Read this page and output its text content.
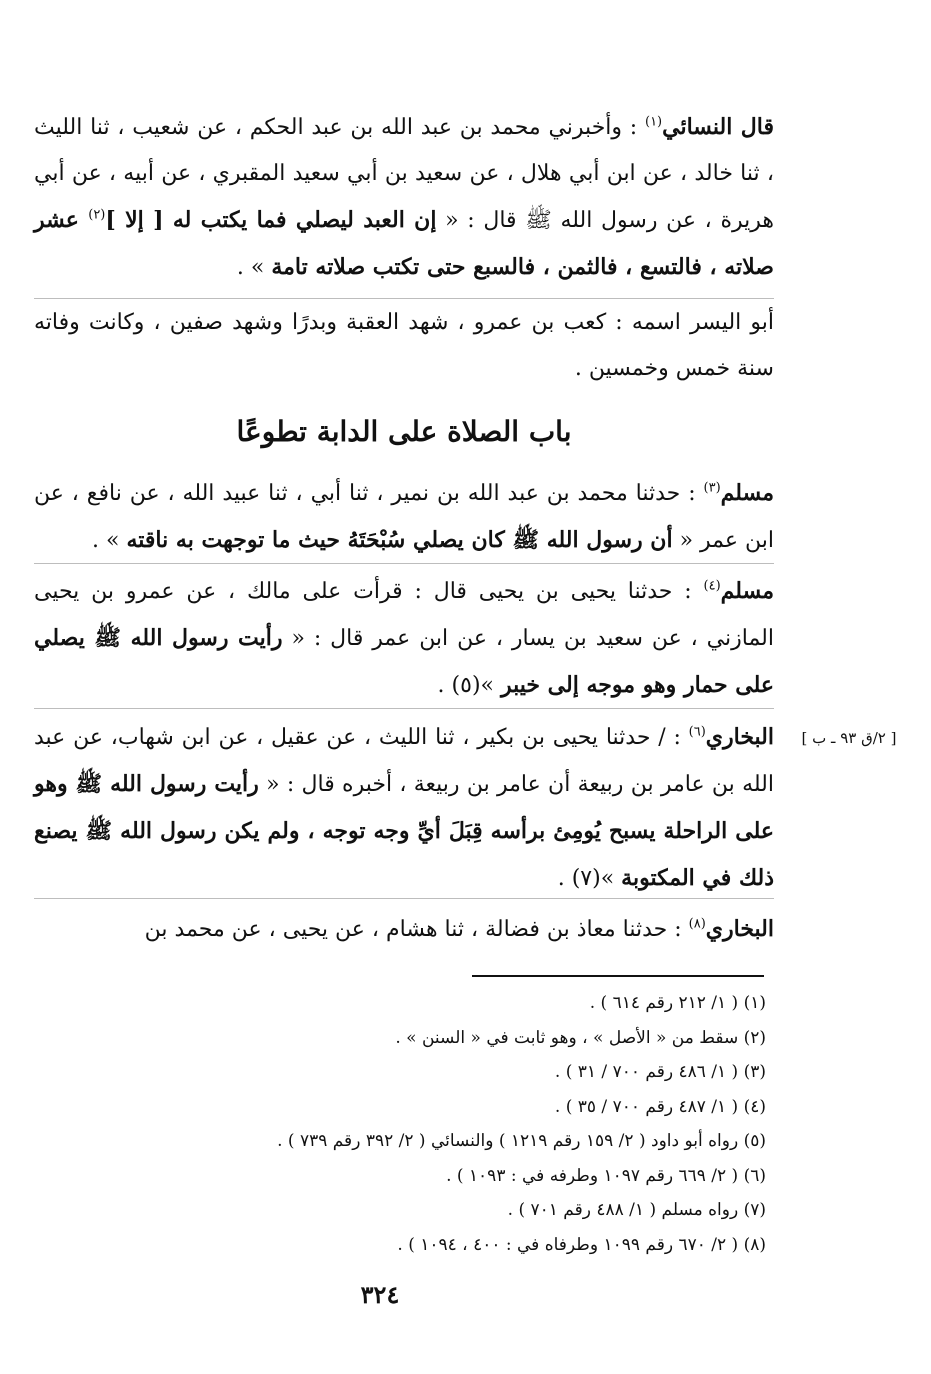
قال النسائي$^{(١)}$ : وأخبرني محمد بن عبد الله بن عبد الحكم ، عن شعيب ، ثنا الليث ، ثنا خالد ، عن ابن أبي هلال ، عن سعيد بن أبي سعيد المقبري ، عن أبيه ، عن أبي هريرة ، عن رسول الله ﷺ قال : « إن العبد ليصلي فما يكتب له [ إلا ]$^{(٢)}$ عشر صلاته ، فالتسع ، فالثمن ، فالسبع حتى تكتب صلاته تامة » .

أبو اليسر اسمه : كعب بن عمرو ، شهد العقبة وبدرًا وشهد صفين ، وكانت وفاته سنة خمس وخمسين .

باب الصلاة على الدابة تطوعًا

مسلم$^{(٣)}$ : حدثنا محمد بن عبد الله بن نمير ، ثنا أبي ، ثنا عبيد الله ، عن نافع ، عن ابن عمر « أن رسول الله ﷺ كان يصلي سُبْحَتَهُ حيث ما توجهت به ناقته » .

مسلم$^{(٤)}$ : حدثنا يحيى بن يحيى قال : قرأت على مالك ، عن عمرو بن يحيى المازني ، عن سعيد بن يسار ، عن ابن عمر قال : « رأيت رسول الله ﷺ يصلي على حمار وهو موجه إلى خيبر »(٥) .

البخاري$^{(٦)}$ : / حدثنا يحيى بن بكير ، ثنا الليث ، عن عقيل ، عن ابن شهاب، عن عبد الله بن عامر بن ربيعة أن عامر بن ربيعة ، أخبره قال : « رأيت رسول الله ﷺ وهو على الراحلة يسبح يُومِئ برأسه قِبَلَ أيِّ وجه توجه ، ولم يكن رسول الله ﷺ يصنع ذلك في المكتوبة »(٧) .

[ ٢/ق ٩٣ ـ ب ]

البخاري$^{(٨)}$ : حدثنا معاذ بن فضالة ، ثنا هشام ، عن يحيى ، عن محمد بن

(١) ( ١/ ٢١٢ رقم ٦١٤ ) .

(٢) سقط من « الأصل » ، وهو ثابت في « السنن » .

(٣) ( ١/ ٤٨٦ رقم ٧٠٠ / ٣١ ) .

(٤) ( ١/ ٤٨٧ رقم ٧٠٠ / ٣٥ ) .

(٥) رواه أبو داود ( ٢/ ١٥٩ رقم ١٢١٩ ) والنسائي ( ٢/ ٣٩٢ رقم ٧٣٩ ) .

(٦) ( ٢/ ٦٦٩ رقم ١٠٩٧ وطرفه في : ١٠٩٣ ) .

(٧) رواه مسلم ( ١/ ٤٨٨ رقم ٧٠١ ) .

(٨) ( ٢/ ٦٧٠ رقم ١٠٩٩ وطرفاه في : ٤٠٠ ، ١٠٩٤ ) .

٣٢٤
